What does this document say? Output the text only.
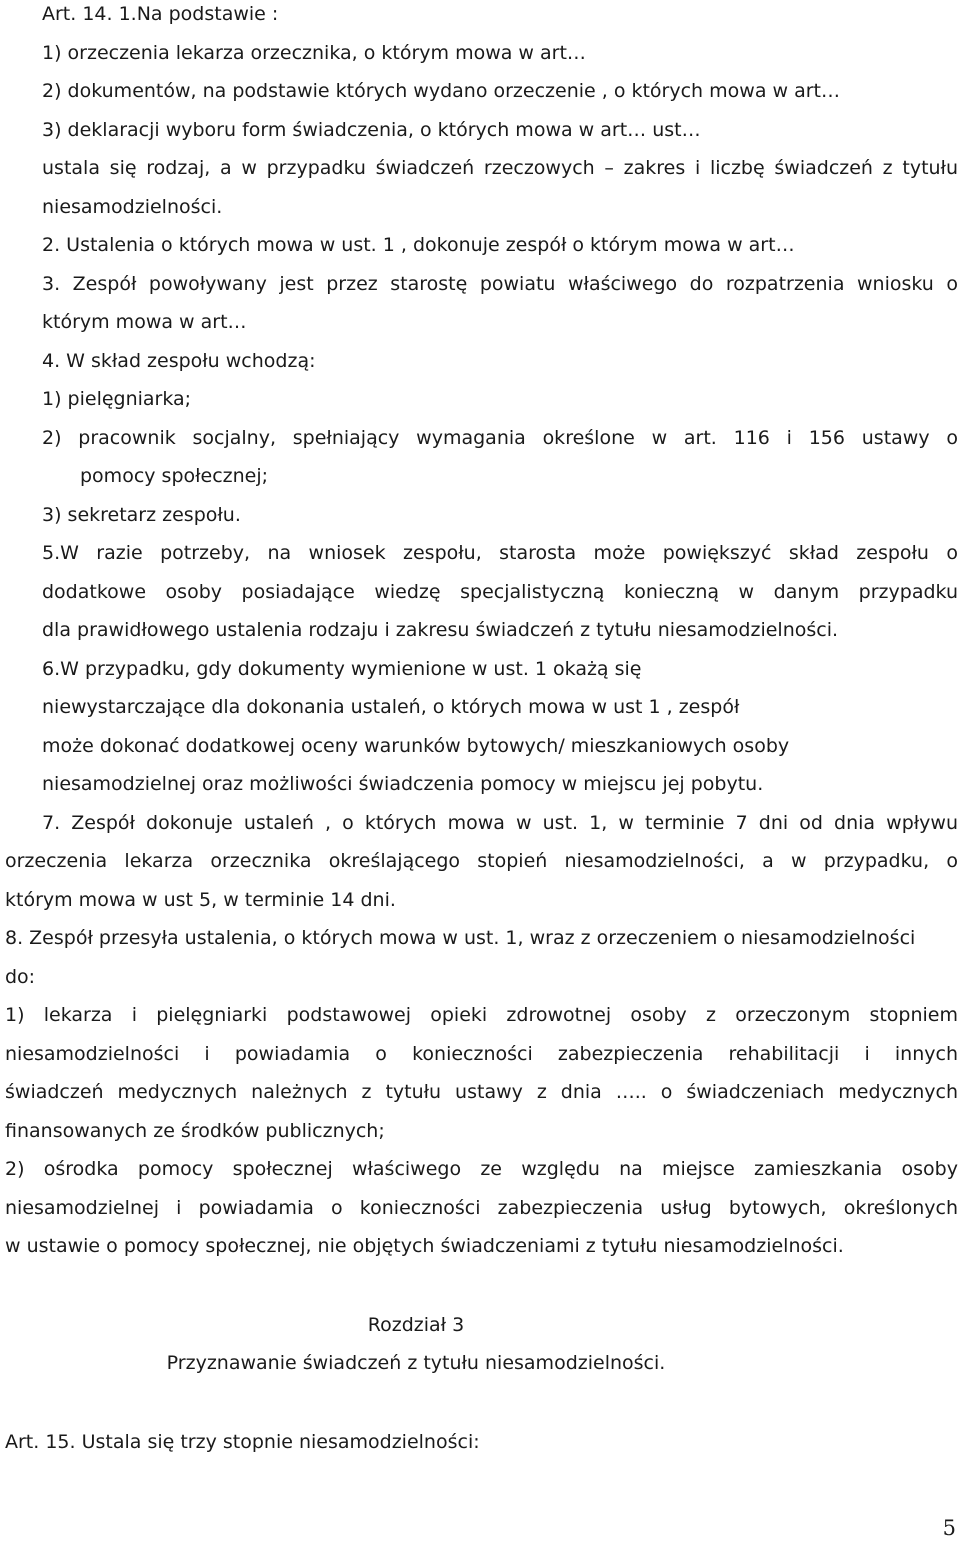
Art. 14. 1.Na podstawie :
1) orzeczenia lekarza orzecznika, o którym mowa w art…
2) dokumentów, na podstawie których wydano orzeczenie , o których mowa w art…
3) deklaracji wyboru form świadczenia, o których mowa w art… ust…
ustala się rodzaj, a w przypadku świadczeń rzeczowych – zakres i liczbę świadczeń z tytułu
niesamodzielności.
2. Ustalenia o których mowa w ust. 1 , dokonuje zespół o którym mowa w art…
3. Zespół powoływany jest przez starostę powiatu właściwego do rozpatrzenia wniosku o
którym mowa w art…
4. W skład zespołu wchodzą:
1) pielęgniarka;
2) pracownik socjalny, spełniający wymagania określone w art. 116 i 156 ustawy o
pomocy społecznej;
3) sekretarz zespołu.
5.W razie potrzeby, na wniosek zespołu, starosta może powiększyć skład zespołu o
dodatkowe osoby posiadające wiedzę specjalistyczną konieczną w danym przypadku
dla prawidłowego ustalenia rodzaju i zakresu świadczeń z tytułu niesamodzielności.
6.W przypadku, gdy dokumenty wymienione w ust. 1 okażą się
niewystarczające dla dokonania ustaleń, o których mowa w ust 1 , zespół
może dokonać dodatkowej oceny warunków bytowych/ mieszkaniowych osoby
niesamodzielnej oraz możliwości świadczenia pomocy w miejscu jej pobytu.
7. Zespół dokonuje ustaleń , o których mowa w ust. 1, w terminie 7 dni od dnia wpływu
orzeczenia lekarza orzecznika określającego stopień niesamodzielności, a w przypadku, o
którym mowa w ust 5, w terminie 14 dni.
8. Zespół przesyła ustalenia, o których mowa w ust. 1, wraz z orzeczeniem o niesamodzielności
do:
1) lekarza i pielęgniarki podstawowej opieki zdrowotnej osoby z orzeczonym stopniem
niesamodzielności i powiadamia o konieczności zabezpieczenia rehabilitacji i innych
świadczeń medycznych należnych z tytułu ustawy z dnia ….. o świadczeniach medycznych
finansowanych ze środków publicznych;
2) ośrodka pomocy społecznej właściwego ze względu na miejsce zamieszkania osoby
niesamodzielnej i powiadamia o konieczności zabezpieczenia usług bytowych, określonych
w ustawie o pomocy społecznej, nie objętych świadczeniami z tytułu niesamodzielności.
Rozdział 3
Przyznawanie świadczeń z tytułu niesamodzielności.
Art. 15. Ustala się trzy stopnie niesamodzielności:
5
